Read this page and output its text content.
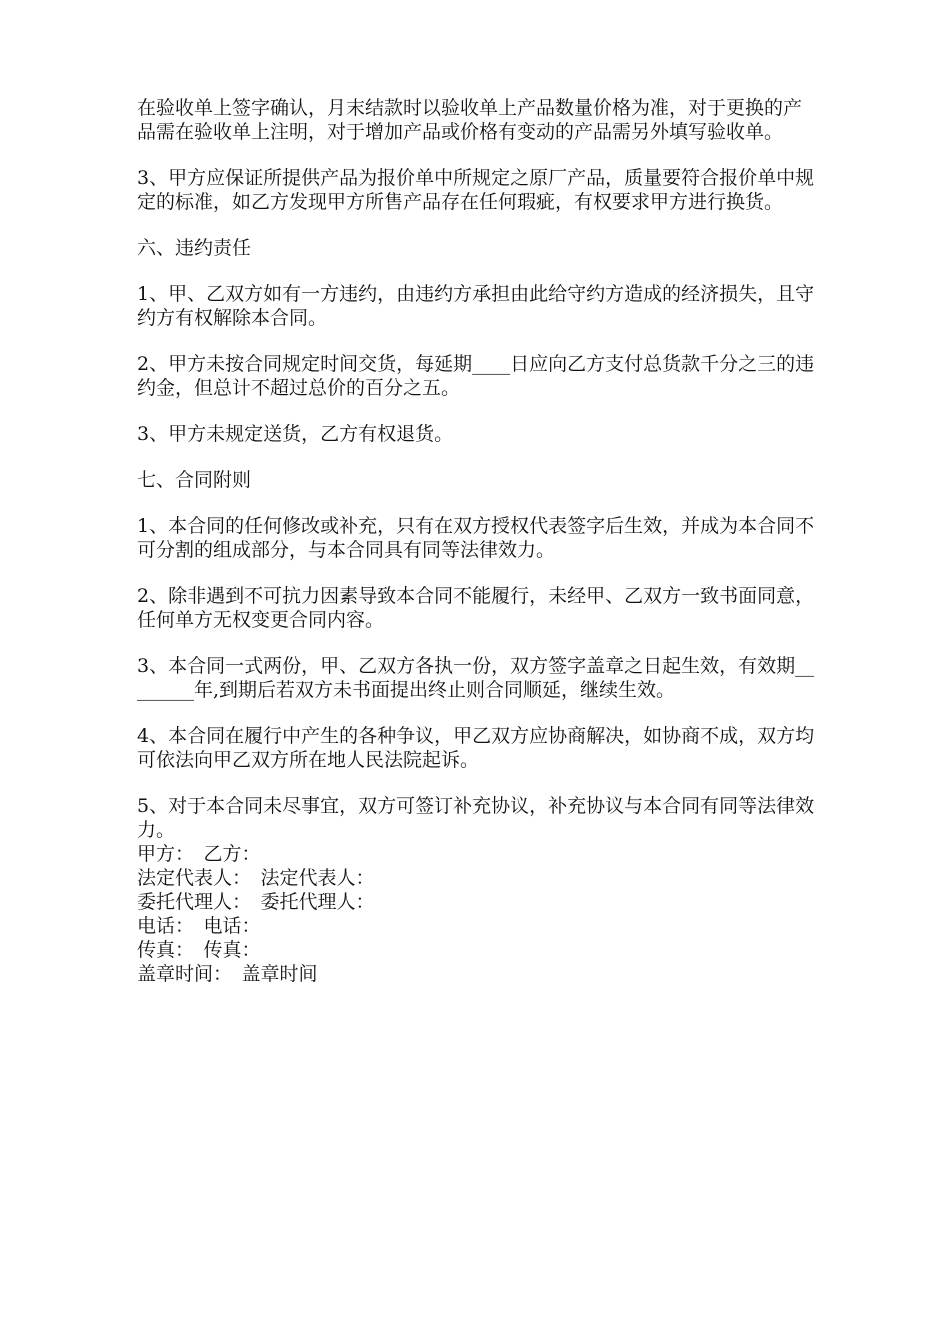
在验收单上签字确认，月末结款时以验收单上产品数量价格为准，对于更换的产品需在验收单上注明，对于增加产品或价格有变动的产品需另外填写验收单。

3、甲方应保证所提供产品为报价单中所规定之原厂产品，质量要符合报价单中规定的标准，如乙方发现甲方所售产品存在任何瑕疵，有权要求甲方进行换货。

六、违约责任

1、甲、乙双方如有一方违约，由违约方承担由此给守约方造成的经济损失，且守约方有权解除本合同。

2、甲方未按合同规定时间交货，每延期____日应向乙方支付总货款千分之三的违约金，但总计不超过总价的百分之五。

3、甲方未规定送货，乙方有权退货。

七、合同附则

1、本合同的任何修改或补充，只有在双方授权代表签字后生效，并成为本合同不可分割的组成部分，与本合同具有同等法律效力。

2、除非遇到不可抗力因素导致本合同不能履行，未经甲、乙双方一致书面同意，任何单方无权变更合同内容。

3、本合同一式两份，甲、乙双方各执一份，双方签字盖章之日起生效，有效期________年,到期后若双方未书面提出终止则合同顺延，继续生效。

4、本合同在履行中产生的各种争议，甲乙双方应协商解决，如协商不成，双方均可依法向甲乙双方所在地人民法院起诉。

5、对于本合同未尽事宜，双方可签订补充协议，补充协议与本合同有同等法律效力。

甲方：　乙方：

法定代表人：　法定代表人：

委托代理人：　委托代理人：

电话：　电话：

传真：　传真：

盖章时间：　盖章时间
